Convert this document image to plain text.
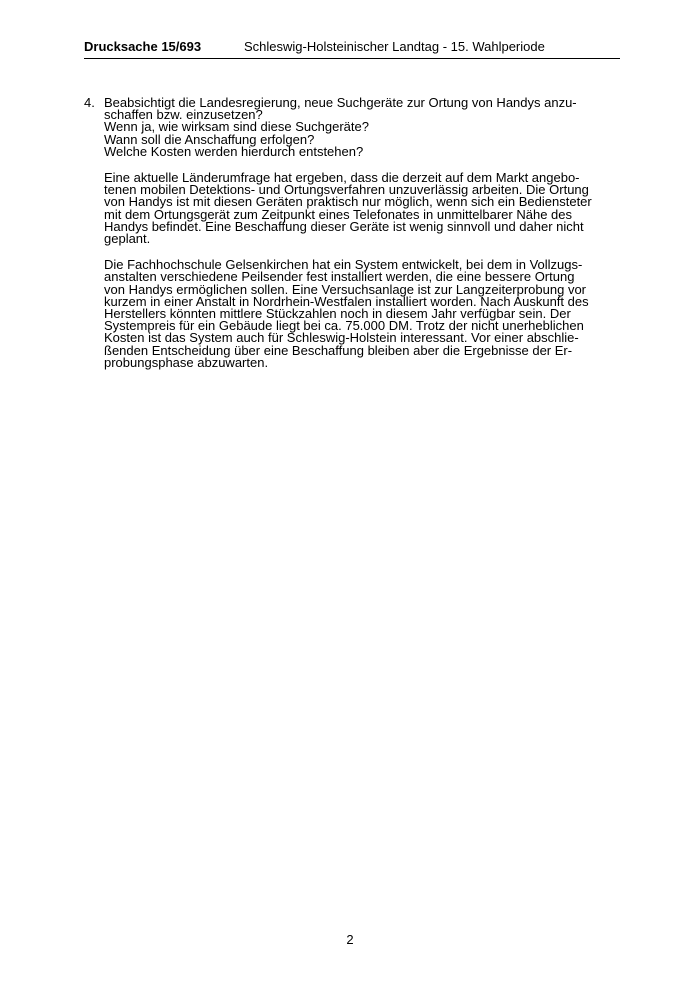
Drucksache 15/693	Schleswig-Holsteinischer Landtag - 15. Wahlperiode
4. Beabsichtigt die Landesregierung, neue Suchgeräte zur Ortung von Handys anzu-
schaffen bzw. einzusetzen?
Wenn ja, wie wirksam sind diese Suchgeräte?
Wann soll die Anschaffung erfolgen?
Welche Kosten werden hierdurch entstehen?
Eine aktuelle Länderumfrage hat ergeben, dass die derzeit auf dem Markt angebo-
tenen mobilen Detektions- und Ortungsverfahren unzuverlässig arbeiten. Die Ortung
von Handys ist mit diesen Geräten praktisch nur möglich, wenn sich ein Bediensteter
mit dem Ortungsgerät zum Zeitpunkt eines Telefonates in unmittelbarer Nähe des
Handys befindet. Eine Beschaffung dieser Geräte ist wenig sinnvoll und daher nicht
geplant.
Die Fachhochschule Gelsenkirchen hat ein System entwickelt, bei dem in Vollzugs-
anstalten verschiedene Peilsender fest installiert werden, die eine bessere Ortung
von Handys ermöglichen sollen. Eine Versuchsanlage ist zur Langzeiterprobung vor
kurzem in einer Anstalt in Nordrhein-Westfalen installiert worden. Nach Auskunft des
Herstellers könnten mittlere Stückzahlen noch in diesem Jahr verfügbar sein. Der
Systempreis für ein Gebäude liegt bei ca. 75.000 DM. Trotz der nicht unerheblichen
Kosten ist das System auch für Schleswig-Holstein interessant. Vor einer abschlie-
ßenden Entscheidung über eine Beschaffung bleiben aber die Ergebnisse der Er-
probungsphase abzuwarten.
2
